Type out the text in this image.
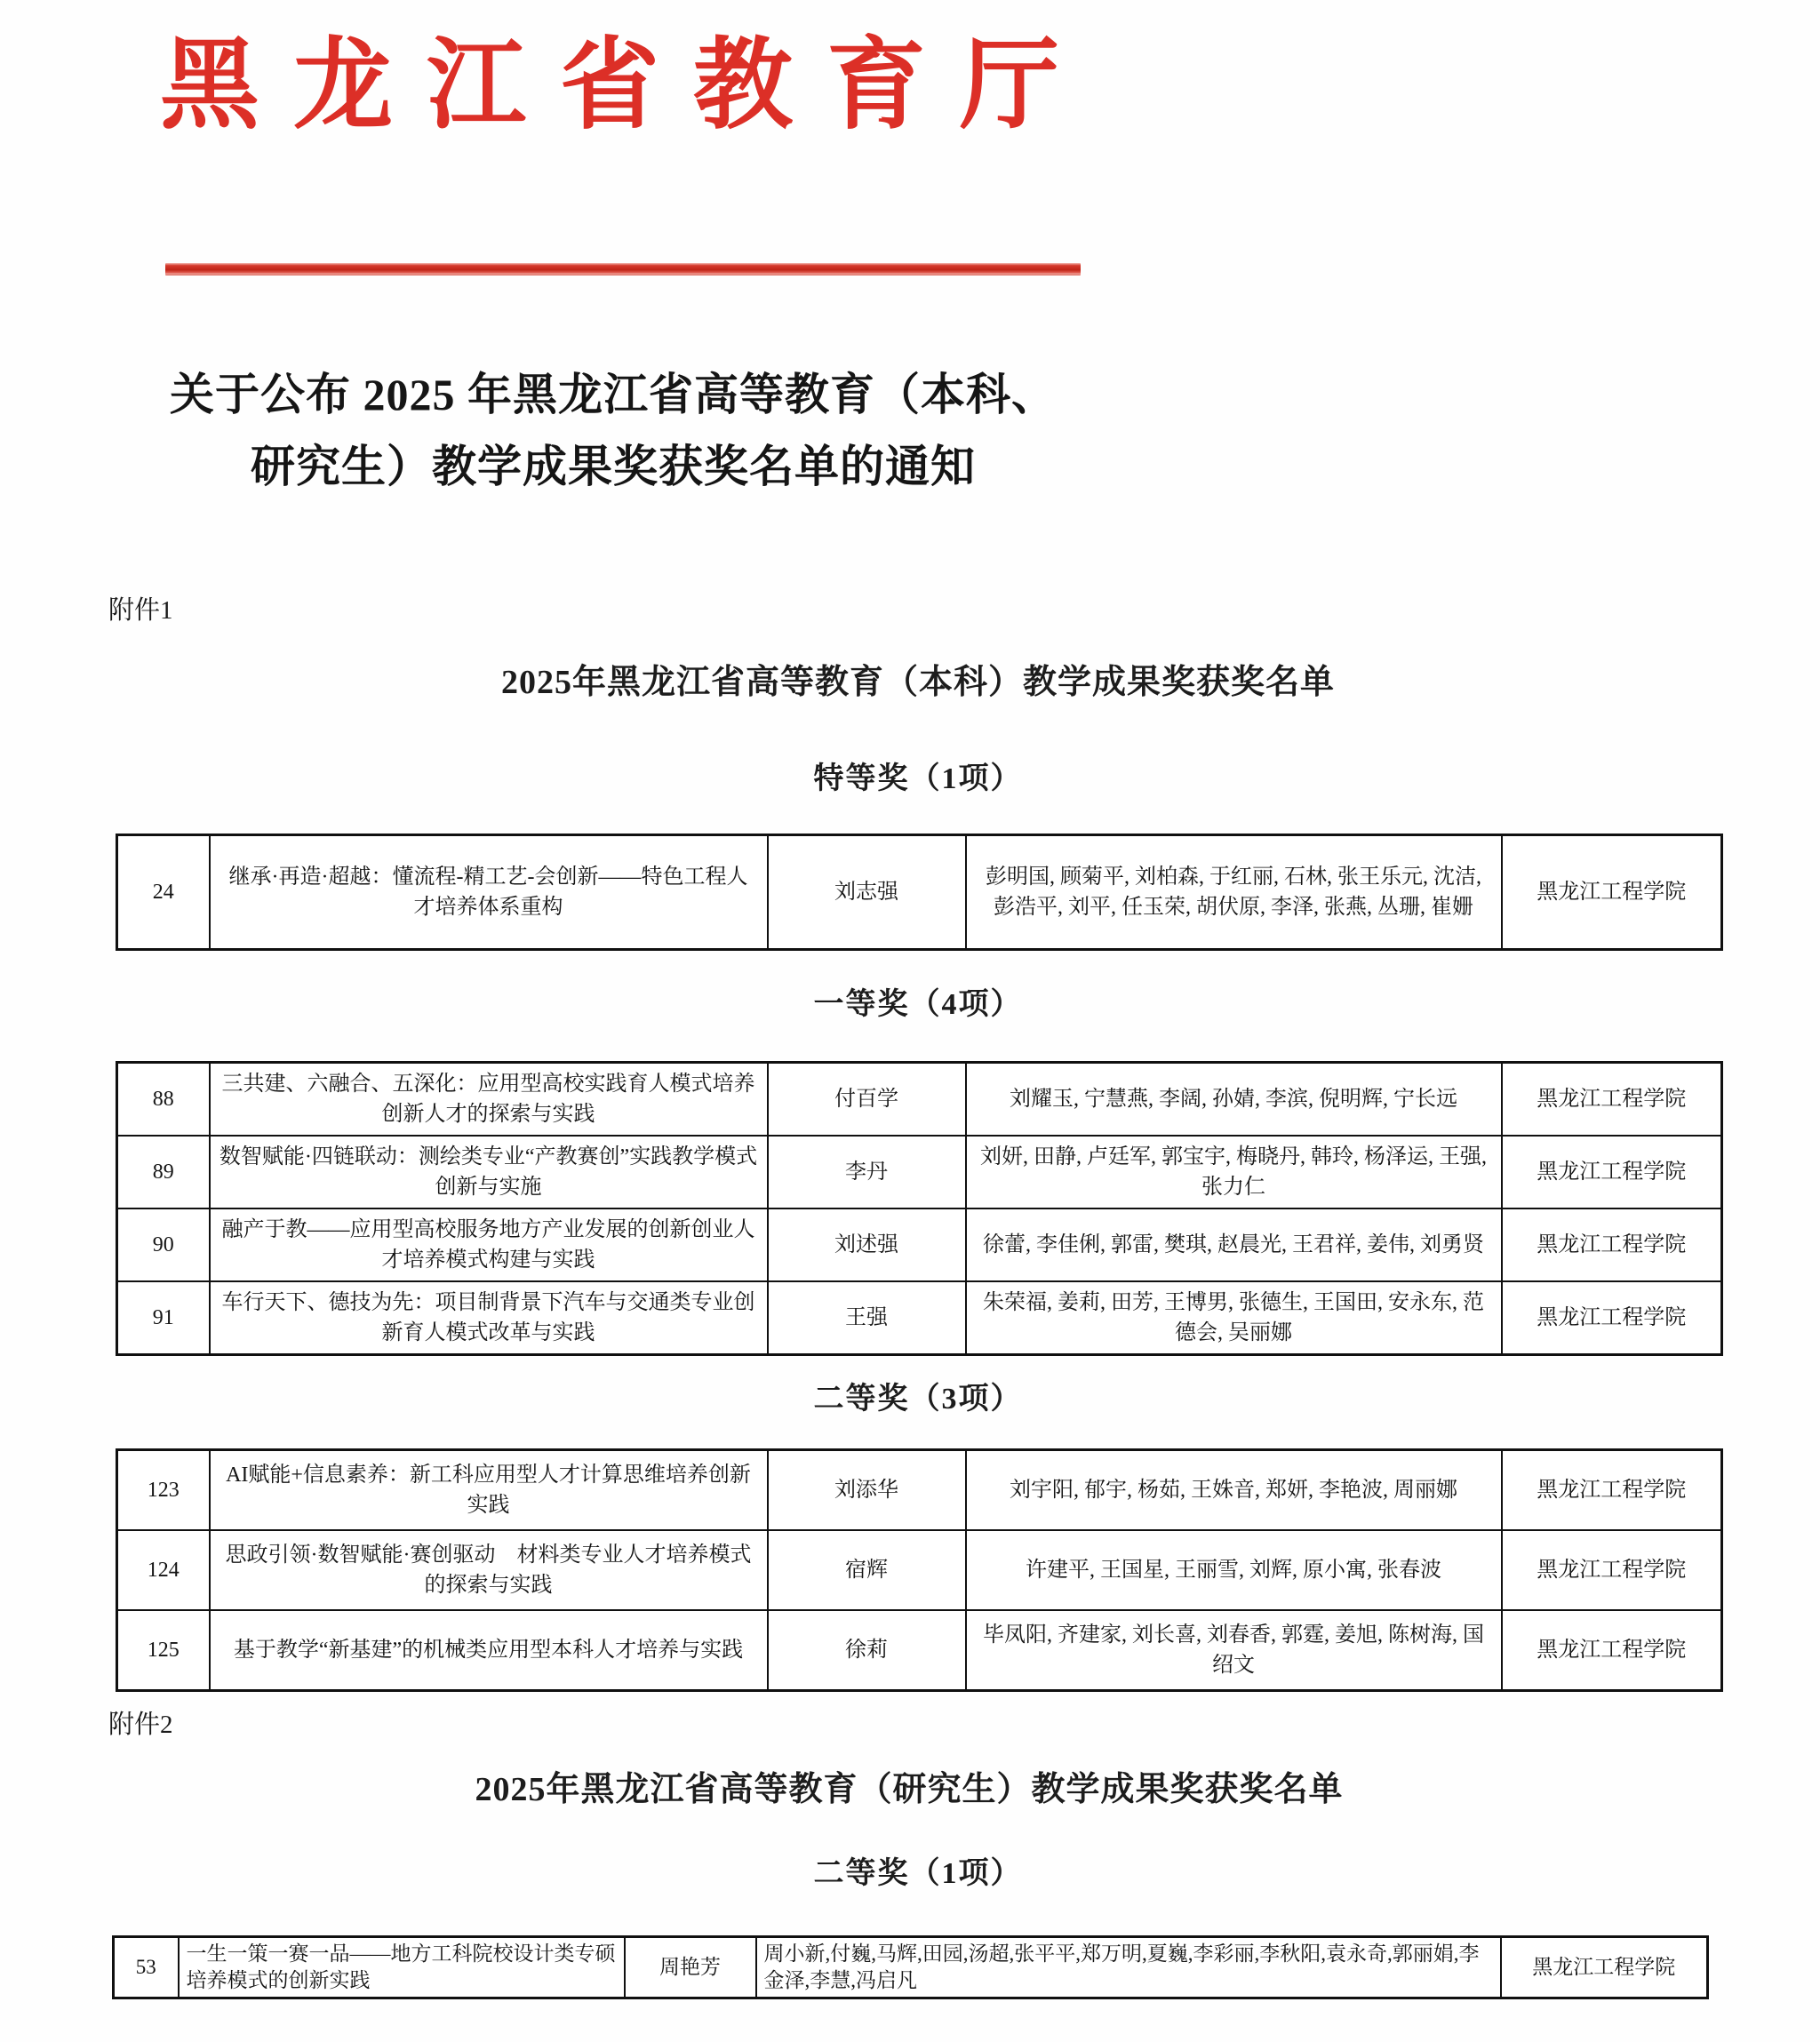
黑 龙 江 省 教 育 厅
关于公布 2025 年黑龙江省高等教育（本科、
研究生）教学成果奖获奖名单的通知
附件1
2025年黑龙江省高等教育（本科）教学成果奖获奖名单
特等奖（1项）
24	继承·再造·超越：懂流程-精工艺-会创新——特色工程人才培养体系重构	刘志强	彭明国, 顾菊平, 刘柏森, 于红丽, 石林, 张王乐元, 沈洁, 彭浩平, 刘平, 任玉荣, 胡伏原, 李泽, 张燕, 丛珊, 崔姗	黑龙江工程学院
一等奖（4项）
88	三共建、六融合、五深化：应用型高校实践育人模式培养创新人才的探索与实践	付百学	刘耀玉, 宁慧燕, 李阔, 孙婧, 李滨, 倪明辉, 宁长远	黑龙江工程学院
89	数智赋能·四链联动：测绘类专业“产教赛创”实践教学模式创新与实施	李丹	刘妍, 田静, 卢廷军, 郭宝宇, 梅晓丹, 韩玲, 杨泽运, 王强, 张力仁	黑龙江工程学院
90	融产于教——应用型高校服务地方产业发展的创新创业人才培养模式构建与实践	刘述强	徐蕾, 李佳俐, 郭雷, 樊琪, 赵晨光, 王君祥, 姜伟, 刘勇贤	黑龙江工程学院
91	车行天下、德技为先：项目制背景下汽车与交通类专业创新育人模式改革与实践	王强	朱荣福, 姜莉, 田芳, 王博男, 张德生, 王国田, 安永东, 范德会, 吴丽娜	黑龙江工程学院
二等奖（3项）
123	AI赋能+信息素养：新工科应用型人才计算思维培养创新实践	刘添华	刘宇阳, 郁宇, 杨茹, 王姝音, 郑妍, 李艳波, 周丽娜	黑龙江工程学院
124	思政引领·数智赋能·赛创驱动　材料类专业人才培养模式的探索与实践	宿辉	许建平, 王国星, 王丽雪, 刘辉, 原小寓, 张春波	黑龙江工程学院
125	基于教学“新基建”的机械类应用型本科人才培养与实践	徐莉	毕凤阳, 齐建家, 刘长喜, 刘春香, 郭霆, 姜旭, 陈树海, 国绍文	黑龙江工程学院
附件2
2025年黑龙江省高等教育（研究生）教学成果奖获奖名单
二等奖（1项）
53	一生一策一赛一品——地方工科院校设计类专硕培养模式的创新实践	周艳芳	周小新,付巍,马辉,田园,汤超,张平平,郑万明,夏巍,李彩丽,李秋阳,袁永奇,郭丽娟,李金泽,李慧,冯启凡	黑龙江工程学院
